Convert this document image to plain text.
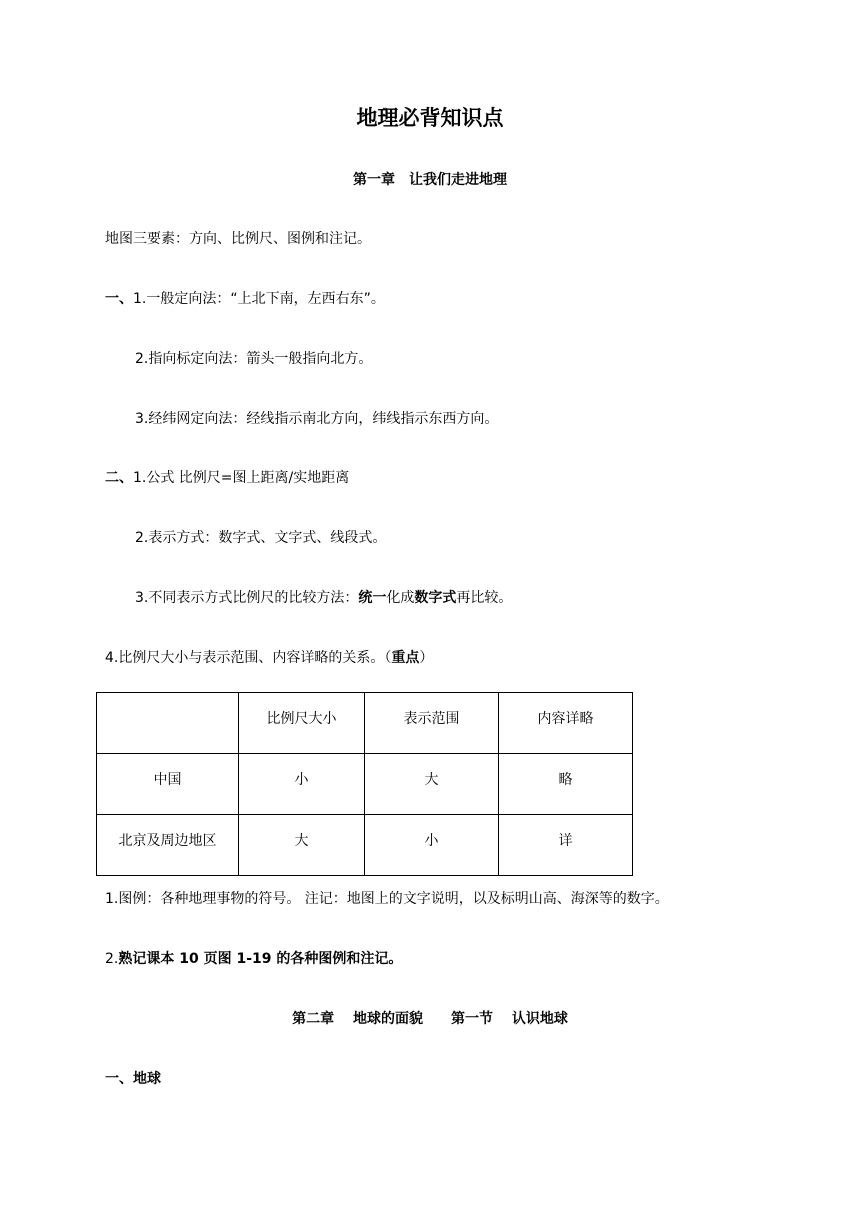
地理必背知识点
第一章　让我们走进地理
地图三要素：方向、比例尺、图例和注记。
一、1.一般定向法：“上北下南，左西右东”。
2.指向标定向法：箭头一般指向北方。
3.经纬网定向法：经线指示南北方向，纬线指示东西方向。
二、1.公式 比例尺=图上距离/实地距离
2.表示方式：数字式、文字式、线段式。
3.不同表示方式比例尺的比较方法：统一化成数字式再比较。
4.比例尺大小与表示范围、内容详略的关系。（重点）

	比例尺大小	表示范围	内容详略

中国	小	大	略

北京及周边地区	大	小	详
1.图例：各种地理事物的符号。 注记：地图上的文字说明，以及标明山高、海深等的数字。
2.熟记课本 10 页图 1-19 的各种图例和注记。
第二章　 地球的面貌　　第一节　 认识地球
一、地球
